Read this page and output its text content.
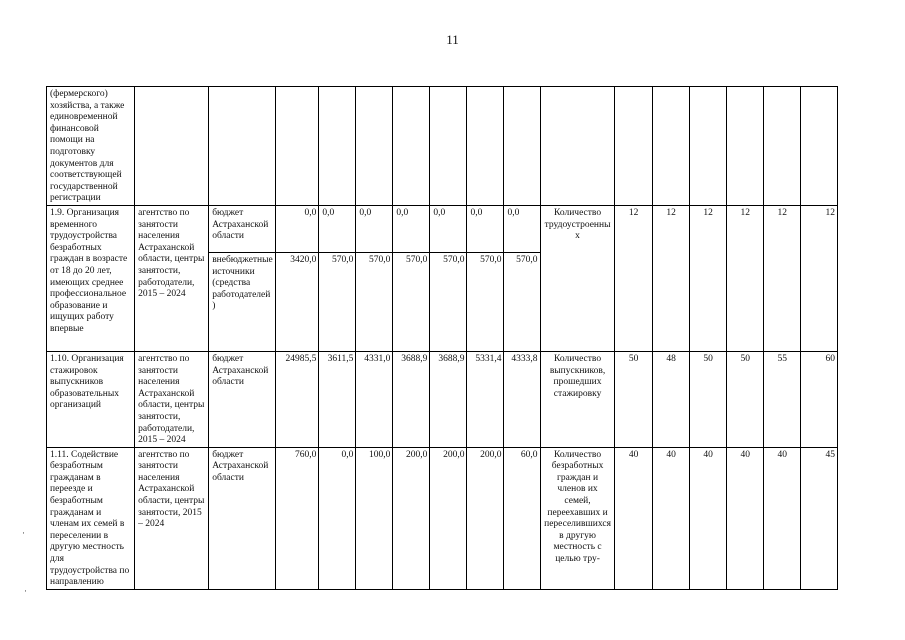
11
(фермерского) хозяйства, а также единовременной финансовой помощи на подготовку документов для соответствующей государственной регистрации																
1.9. Организация временного трудоустройства безработных граждан в возрасте от 18 до 20 лет, имеющих среднее профессиональное образование и ищущих работу впервые	агентство по занятости населения Астраханской области, центры занятости, работодатели, 2015 – 2024	бюджет Астраханской области	0,0	0,0	0,0	0,0	0,0	0,0	0,0	Количество трудоустроенных	12	12	12	12	12	12
		внебюджетные источники (средства работодателей)	3420,0	570,0	570,0	570,0	570,0	570,0	570,0							
1.10. Организация стажировок выпускников образовательных организаций	агентство по занятости населения Астраханской области, центры занятости, работодатели, 2015 – 2024	бюджет Астраханской области	24985,5	3611,5	4331,0	3688,9	3688,9	5331,4	4333,8	Количество выпускников, прошедших стажировку	50	48	50	50	55	60
1.11. Содействие безработным гражданам в переезде и безработным гражданам и членам их семей в переселении в другую местность для трудоустройства по направлению	агентство по занятости населения Астраханской области, центры занятости, 2015 – 2024	бюджет Астраханской области	760,0	0,0	100,0	200,0	200,0	200,0	60,0	Количество безработных граждан и членов их семей, переехавших и переселившихся в другую местность с целью тру-	40	40	40	40	40	45
·
·
